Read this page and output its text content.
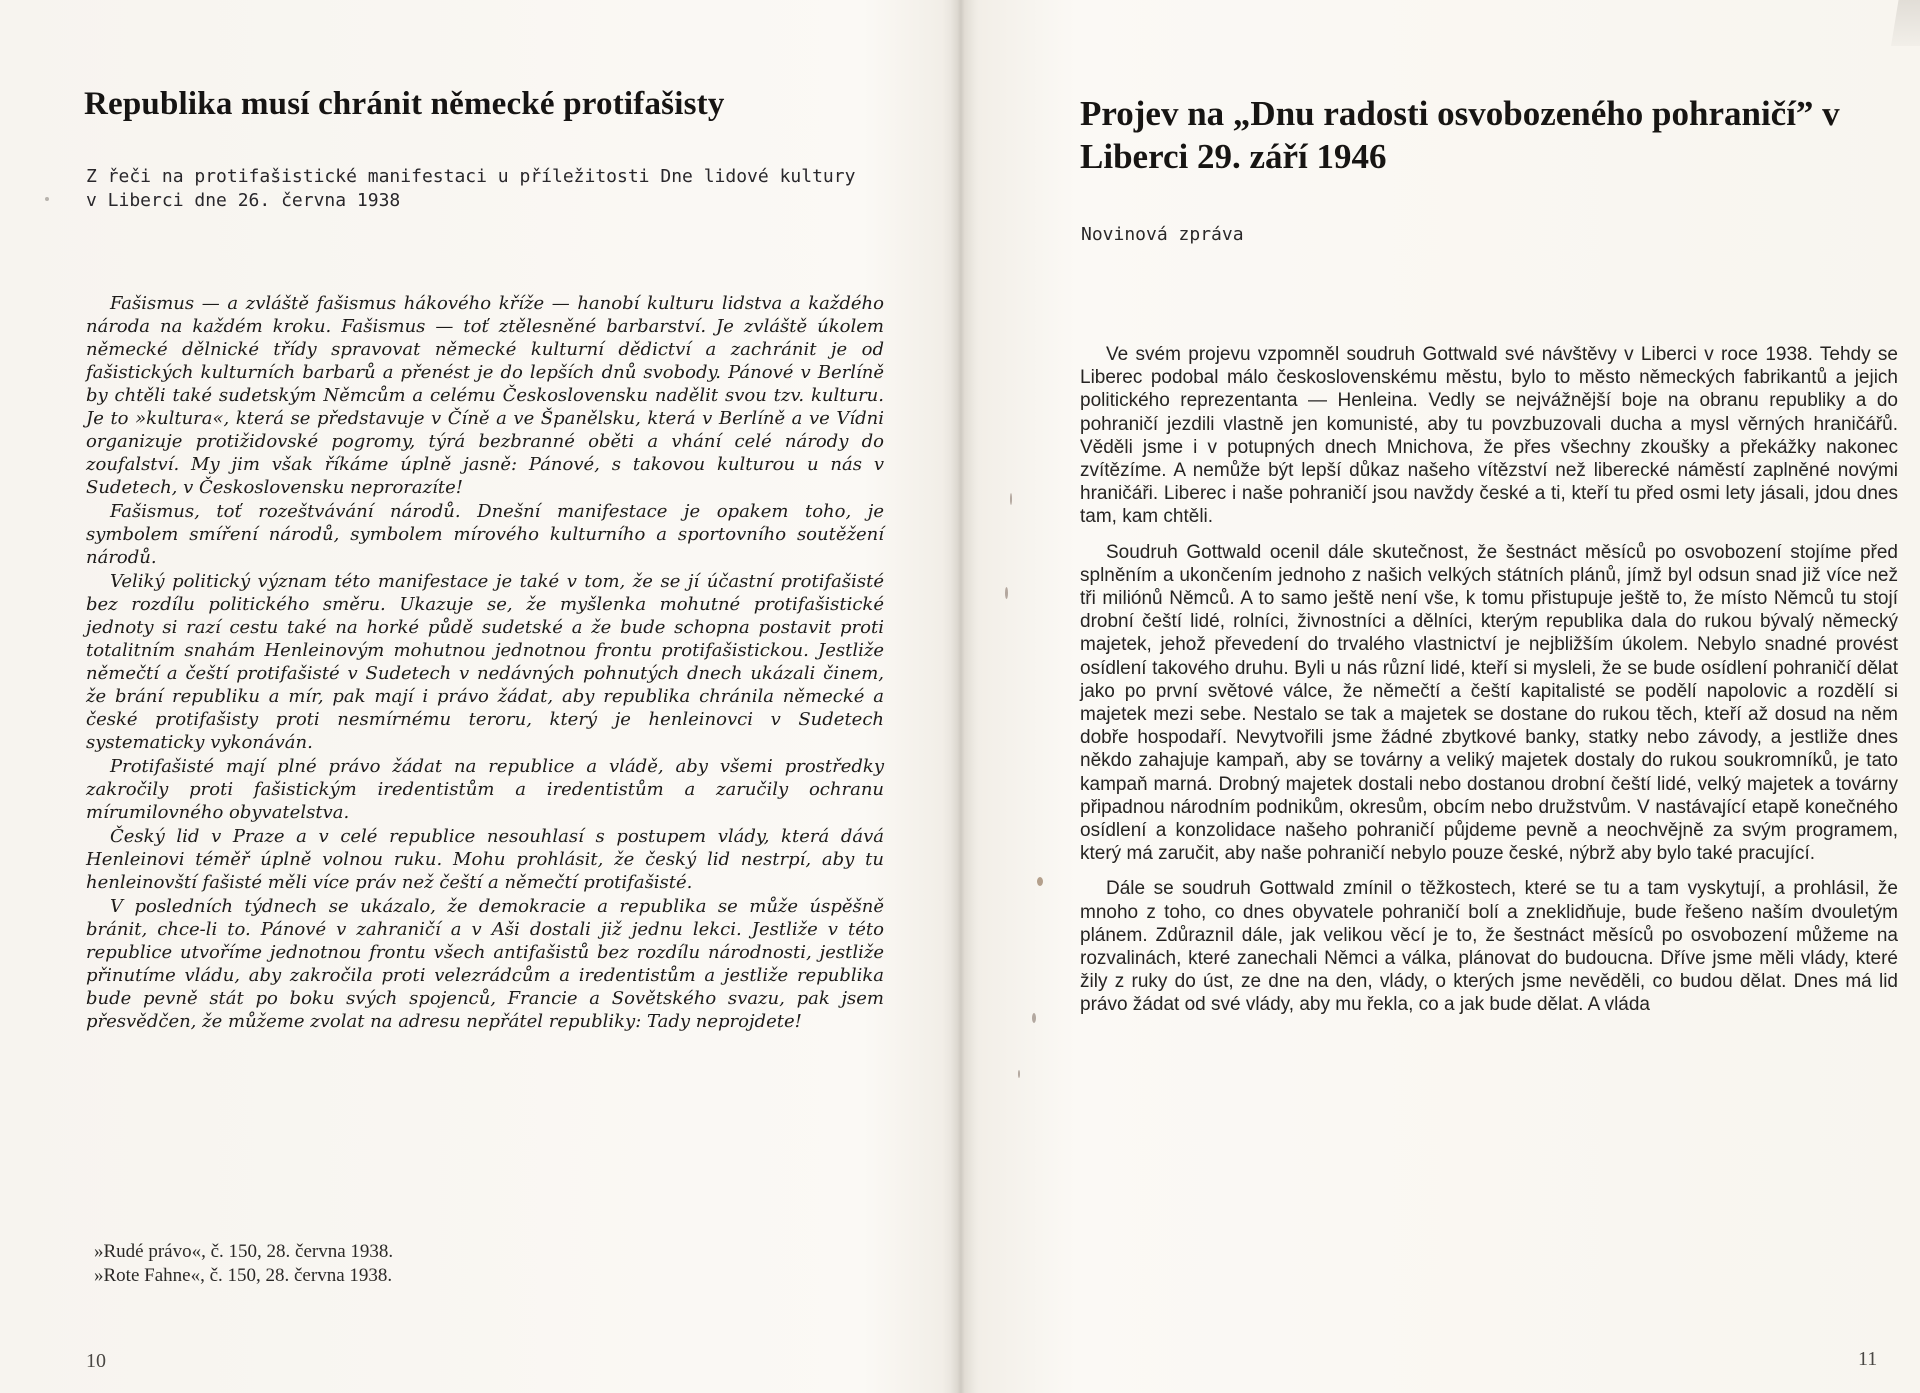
Republika musí chránit německé protifašisty
Z řeči na protifašistické manifestaci u příležitosti Dne lidové kultury
v Liberci dne 26. června 1938

Fašismus — a zvláště fašismus hákového kříže — hanobí kulturu lidstva a každého národa na každém kroku. Fašismus — toť ztělesněné barbarství. Je zvláště úkolem německé dělnické třídy spravovat německé kulturní dědictví a zachránit je od fašistických kulturních barbarů a přenést je do lepších dnů svobody. Pánové v Berlíně by chtěli také sudetským Němcům a celému Československu nadělit svou tzv. kulturu. Je to »kultura«, která se představuje v Číně a ve Španělsku, která v Berlíně a ve Vídni organizuje protižidovské pogromy, týrá bezbranné oběti a vhání celé národy do zoufalství. My jim však říkáme úplně jasně: Pánové, s takovou kulturou u nás v Sudetech, v Československu neprorazíte!

Fašismus, toť rozeštvávání národů. Dnešní manifestace je opakem toho, je symbolem smíření národů, symbolem mírového kulturního a sportovního soutěžení národů.

Veliký politický význam této manifestace je také v tom, že se jí účastní protifašisté bez rozdílu politického směru. Ukazuje se, že myšlenka mohutné protifašistické jednoty si razí cestu také na horké půdě sudetské a že bude schopna postavit proti totalitním snahám Henleinovým mohutnou jednotnou frontu protifašistickou. Jestliže němečtí a čeští protifašisté v Sudetech v nedávných pohnutých dnech ukázali činem, že brání republiku a mír, pak mají i právo žádat, aby republika chránila německé a české protifašisty proti nesmírnému teroru, který je henleinovci v Sudetech systematicky vykonáván.

Protifašisté mají plné právo žádat na republice a vládě, aby všemi prostředky zakročily proti fašistickým iredentistům a iredentistům a zaručily ochranu mírumilovného obyvatelstva.

Český lid v Praze a v celé republice nesouhlasí s postupem vlády, která dává Henleinovi téměř úplně volnou ruku. Mohu prohlásit, že český lid nestrpí, aby tu henleinovští fašisté měli více práv než čeští a němečtí protifašisté.

V posledních týdnech se ukázalo, že demokracie a republika se může úspěšně bránit, chce-li to. Pánové v zahraničí a v Aši dostali již jednu lekci. Jestliže v této republice utvoříme jednotnou frontu všech antifašistů bez rozdílu národnosti, jestliže přinutíme vládu, aby zakročila proti velezrádcům a iredentistům a jestliže republika bude pevně stát po boku svých spojenců, Francie a Sovětského svazu, pak jsem přesvědčen, že můžeme zvolat na adresu nepřátel republiky: Tady neprojdete!

»Rudé právo«, č. 150, 28. června 1938.
»Rote Fahne«, č. 150, 28. června 1938.
10
Projev na „Dnu radosti osvobozeného pohraničí” v Liberci 29. září 1946
Novinová zpráva

Ve svém projevu vzpomněl soudruh Gottwald své návštěvy v Liberci v roce 1938. Tehdy se Liberec podobal málo československému městu, bylo to město německých fabrikantů a jejich politického reprezentanta — Henleina. Vedly se nejvážnější boje na obranu republiky a do pohraničí jezdili vlastně jen komunisté, aby tu povzbuzovali ducha a mysl věrných hraničářů. Věděli jsme i v potupných dnech Mnichova, že přes všechny zkoušky a překážky nakonec zvítězíme. A nemůže být lepší důkaz našeho vítězství než liberecké náměstí zaplněné novými hraničáři. Liberec i naše pohraničí jsou navždy české a ti, kteří tu před osmi lety jásali, jdou dnes tam, kam chtěli.

Soudruh Gottwald ocenil dále skutečnost, že šestnáct měsíců po osvobození stojíme před splněním a ukončením jednoho z našich velkých státních plánů, jímž byl odsun snad již více než tři miliónů Němců. A to samo ještě není vše, k tomu přistupuje ještě to, že místo Němců tu stojí drobní čeští lidé, rolníci, živnostníci a dělníci, kterým republika dala do rukou bývalý německý majetek, jehož převedení do trvalého vlastnictví je nejbližším úkolem. Nebylo snadné provést osídlení takového druhu. Byli u nás různí lidé, kteří si mysleli, že se bude osídlení pohraničí dělat jako po první světové válce, že němečtí a čeští kapitalisté se podělí napolovic a rozdělí si majetek mezi sebe. Nestalo se tak a majetek se dostane do rukou těch, kteří až dosud na něm dobře hospodaří. Nevytvořili jsme žádné zbytkové banky, statky nebo závody, a jestliže dnes někdo zahajuje kampaň, aby se továrny a veliký majetek dostaly do rukou soukromníků, je tato kampaň marná. Drobný majetek dostali nebo dostanou drobní čeští lidé, velký majetek a továrny připadnou národním podnikům, okresům, obcím nebo družstvům. V nastávající etapě konečného osídlení a konzolidace našeho pohraničí půjdeme pevně a neochvějně za svým programem, který má zaručit, aby naše pohraničí nebylo pouze české, nýbrž aby bylo také pracující.

Dále se soudruh Gottwald zmínil o těžkostech, které se tu a tam vyskytují, a prohlásil, že mnoho z toho, co dnes obyvatele pohraničí bolí a zneklidňuje, bude řešeno naším dvouletým plánem. Zdůraznil dále, jak velikou věcí je to, že šestnáct měsíců po osvobození můžeme na rozvalinách, které zanechali Němci a válka, plánovat do budoucna. Dříve jsme měli vlády, které žily z ruky do úst, ze dne na den, vlády, o kterých jsme nevěděli, co budou dělat. Dnes má lid právo žádat od své vlády, aby mu řekla, co a jak bude dělat. A vláda

11
